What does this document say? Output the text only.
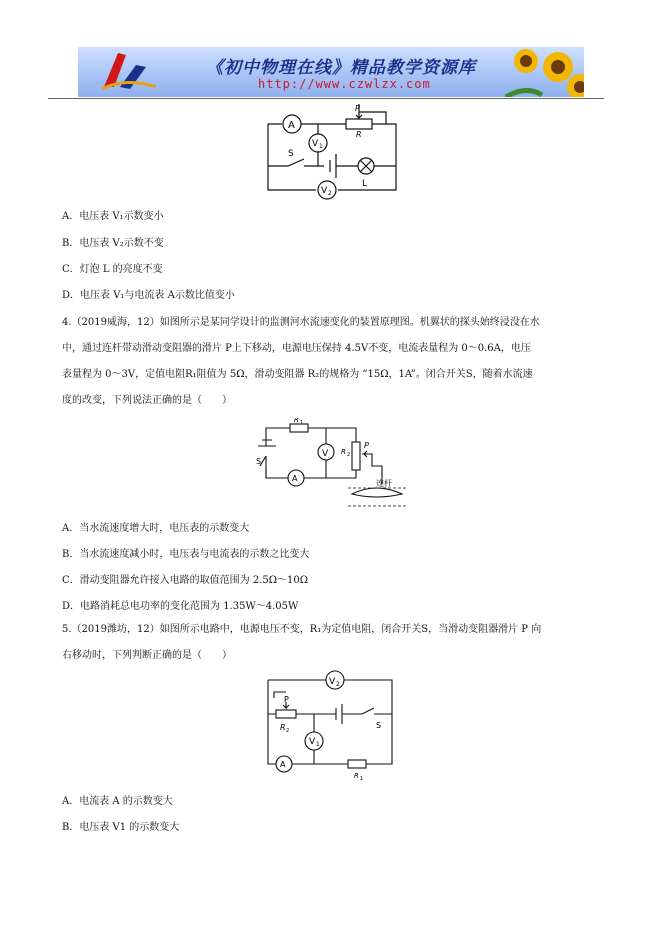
《初中物理在线》精品教学资源库
http://www.czwlzx.com
A
P
R
V 1
S
L
V 2
A．电压表 V₁示数变小
B．电压表 V₂示数不变
C．灯泡 L 的亮度不变
D．电压表 V₁与电流表 A示数比值变小
4.（2019威海，12）如图所示是某同学设计的监测河水流速变化的装置原理图。机翼状的探头始终浸没在水
中，通过连杆带动滑动变阻器的滑片 P上下移动，电源电压保持 4.5V不变，电流表量程为 0～0.6A，电压
表量程为 0～3V，定值电阻R₁阻值为 5Ω，滑动变阻器 R₂的规格为 “15Ω，1A”。闭合开关S，随着水流速
度的改变，下列说法正确的是（　　）
R 1
V R 2
P
S
A
连杆
A．当水流速度增大时，电压表的示数变大
B．当水流速度减小时，电压表与电流表的示数之比变大
C．滑动变阻器允许接入电路的取值范围为 2.5Ω～10Ω
D．电路消耗总电功率的变化范围为 1.35W～4.05W
5.（2019潍坊，12）如图所示电路中，电源电压不变，R₁为定值电阻，闭合开关S，当滑动变阻器滑片 P 向
右移动时，下列判断正确的是（　　）
V 2
P
R 2
S
V 1
A
R 1
A．电流表 A 的示数变大
B．电压表 V1 的示数变大
